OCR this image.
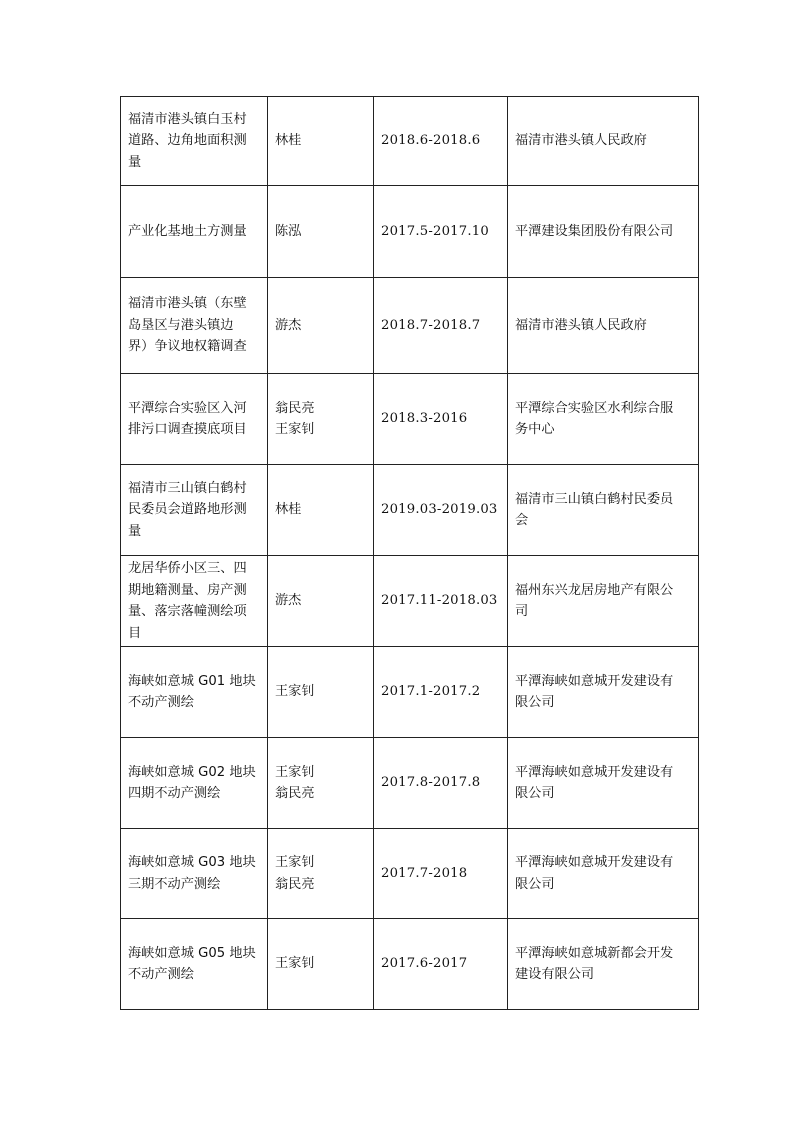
福清市港头镇白玉村
道路、边角地面积测
量	林桂	2018.6-2018.6	福清市港头镇人民政府

产业化基地土方测量	陈泓	2017.5-2017.10	平潭建设集团股份有限公司

福清市港头镇（东壁
岛垦区与港头镇边
界）争议地权籍调查	游杰	2018.7-2018.7	福清市港头镇人民政府

平潭综合实验区入河
排污口调查摸底项目	翁民亮
王家钊	2018.3-2016	平潭综合实验区水利综合服
务中心

福清市三山镇白鹤村
民委员会道路地形测
量	林桂	2019.03-2019.03	福清市三山镇白鹤村民委员
会

龙居华侨小区三、四
期地籍测量、房产测
量、落宗落幢测绘项
目	游杰	2017.11-2018.03	福州东兴龙居房地产有限公
司

海峡如意城 G01 地块
不动产测绘	王家钊	2017.1-2017.2	平潭海峡如意城开发建设有
限公司

海峡如意城 G02 地块
四期不动产测绘	王家钊
翁民亮	2017.8-2017.8	平潭海峡如意城开发建设有
限公司

海峡如意城 G03 地块
三期不动产测绘	王家钊
翁民亮	2017.7-2018	平潭海峡如意城开发建设有
限公司

海峡如意城 G05 地块
不动产测绘	王家钊	2017.6-2017	平潭海峡如意城新都会开发
建设有限公司
